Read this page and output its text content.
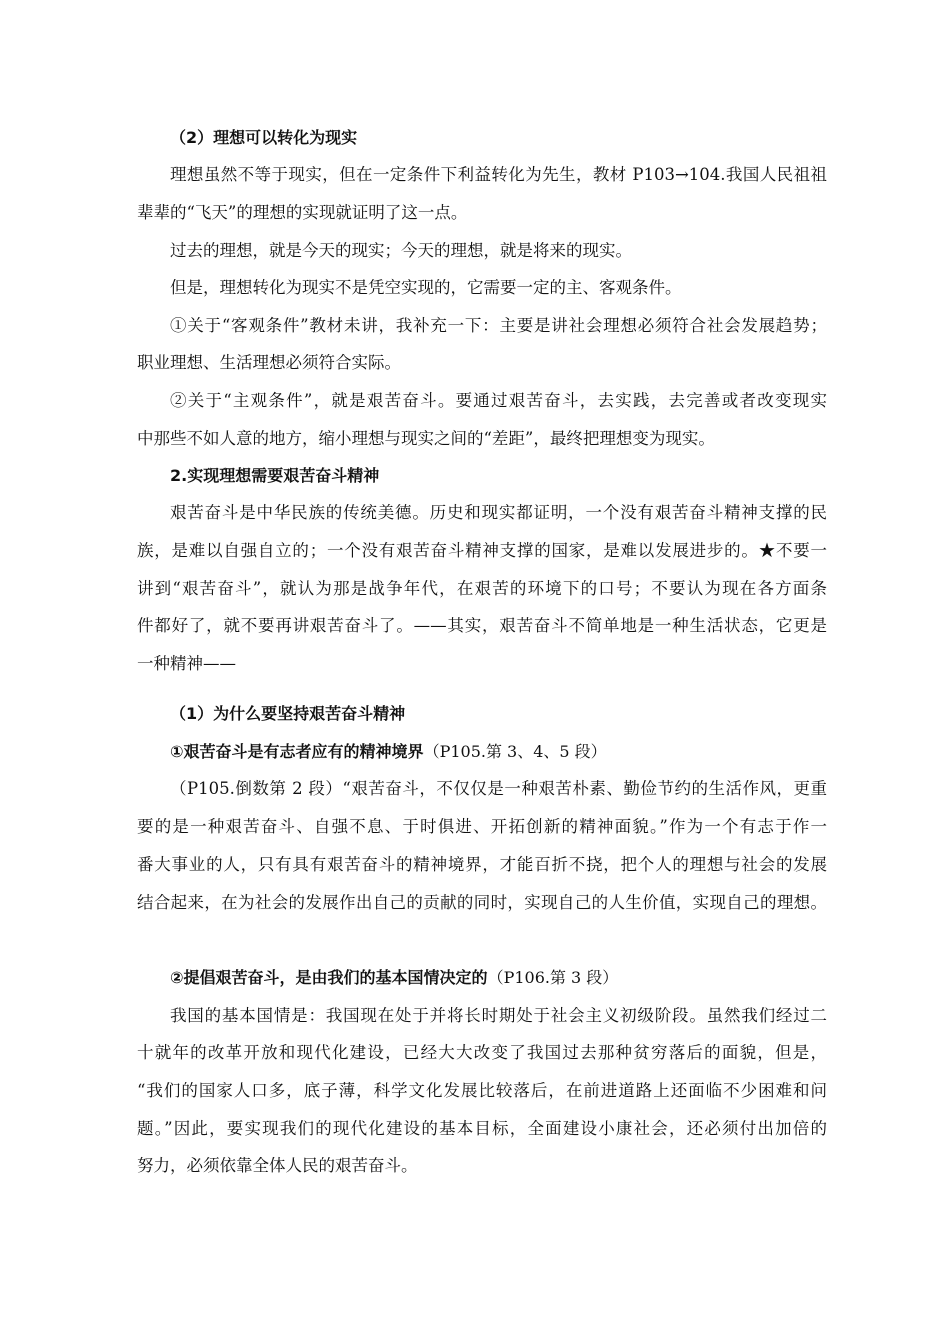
（2）理想可以转化为现实
理想虽然不等于现实，但在一定条件下利益转化为先生，教材 P103→104.我国人民祖祖
辈辈的“飞天”的理想的实现就证明了这一点。
过去的理想，就是今天的现实；今天的理想，就是将来的现实。
但是，理想转化为现实不是凭空实现的，它需要一定的主、客观条件。
①关于“客观条件”教材未讲，我补充一下：主要是讲社会理想必须符合社会发展趋势；
职业理想、生活理想必须符合实际。
②关于“主观条件”，就是艰苦奋斗。要通过艰苦奋斗，去实践，去完善或者改变现实
中那些不如人意的地方，缩小理想与现实之间的“差距”，最终把理想变为现实。
2.实现理想需要艰苦奋斗精神
艰苦奋斗是中华民族的传统美德。历史和现实都证明，一个没有艰苦奋斗精神支撑的民
族，是难以自强自立的；一个没有艰苦奋斗精神支撑的国家，是难以发展进步的。★不要一
讲到“艰苦奋斗”，就认为那是战争年代，在艰苦的环境下的口号；不要认为现在各方面条
件都好了，就不要再讲艰苦奋斗了。——其实，艰苦奋斗不简单地是一种生活状态，它更是
一种精神——
（1）为什么要坚持艰苦奋斗精神
①艰苦奋斗是有志者应有的精神境界（P105.第 3、4、5 段）
（P105.倒数第 2 段）“艰苦奋斗，不仅仅是一种艰苦朴素、勤俭节约的生活作风，更重
要的是一种艰苦奋斗、自强不息、于时俱进、开拓创新的精神面貌。”作为一个有志于作一
番大事业的人，只有具有艰苦奋斗的精神境界，才能百折不挠，把个人的理想与社会的发展
结合起来，在为社会的发展作出自己的贡献的同时，实现自己的人生价值，实现自己的理想。
②提倡艰苦奋斗，是由我们的基本国情决定的（P106.第 3 段）
我国的基本国情是：我国现在处于并将长时期处于社会主义初级阶段。虽然我们经过二
十就年的改革开放和现代化建设，已经大大改变了我国过去那种贫穷落后的面貌，但是，
“我们的国家人口多，底子薄，科学文化发展比较落后，在前进道路上还面临不少困难和问
题。”因此，要实现我们的现代化建设的基本目标，全面建设小康社会，还必须付出加倍的
努力，必须依靠全体人民的艰苦奋斗。
